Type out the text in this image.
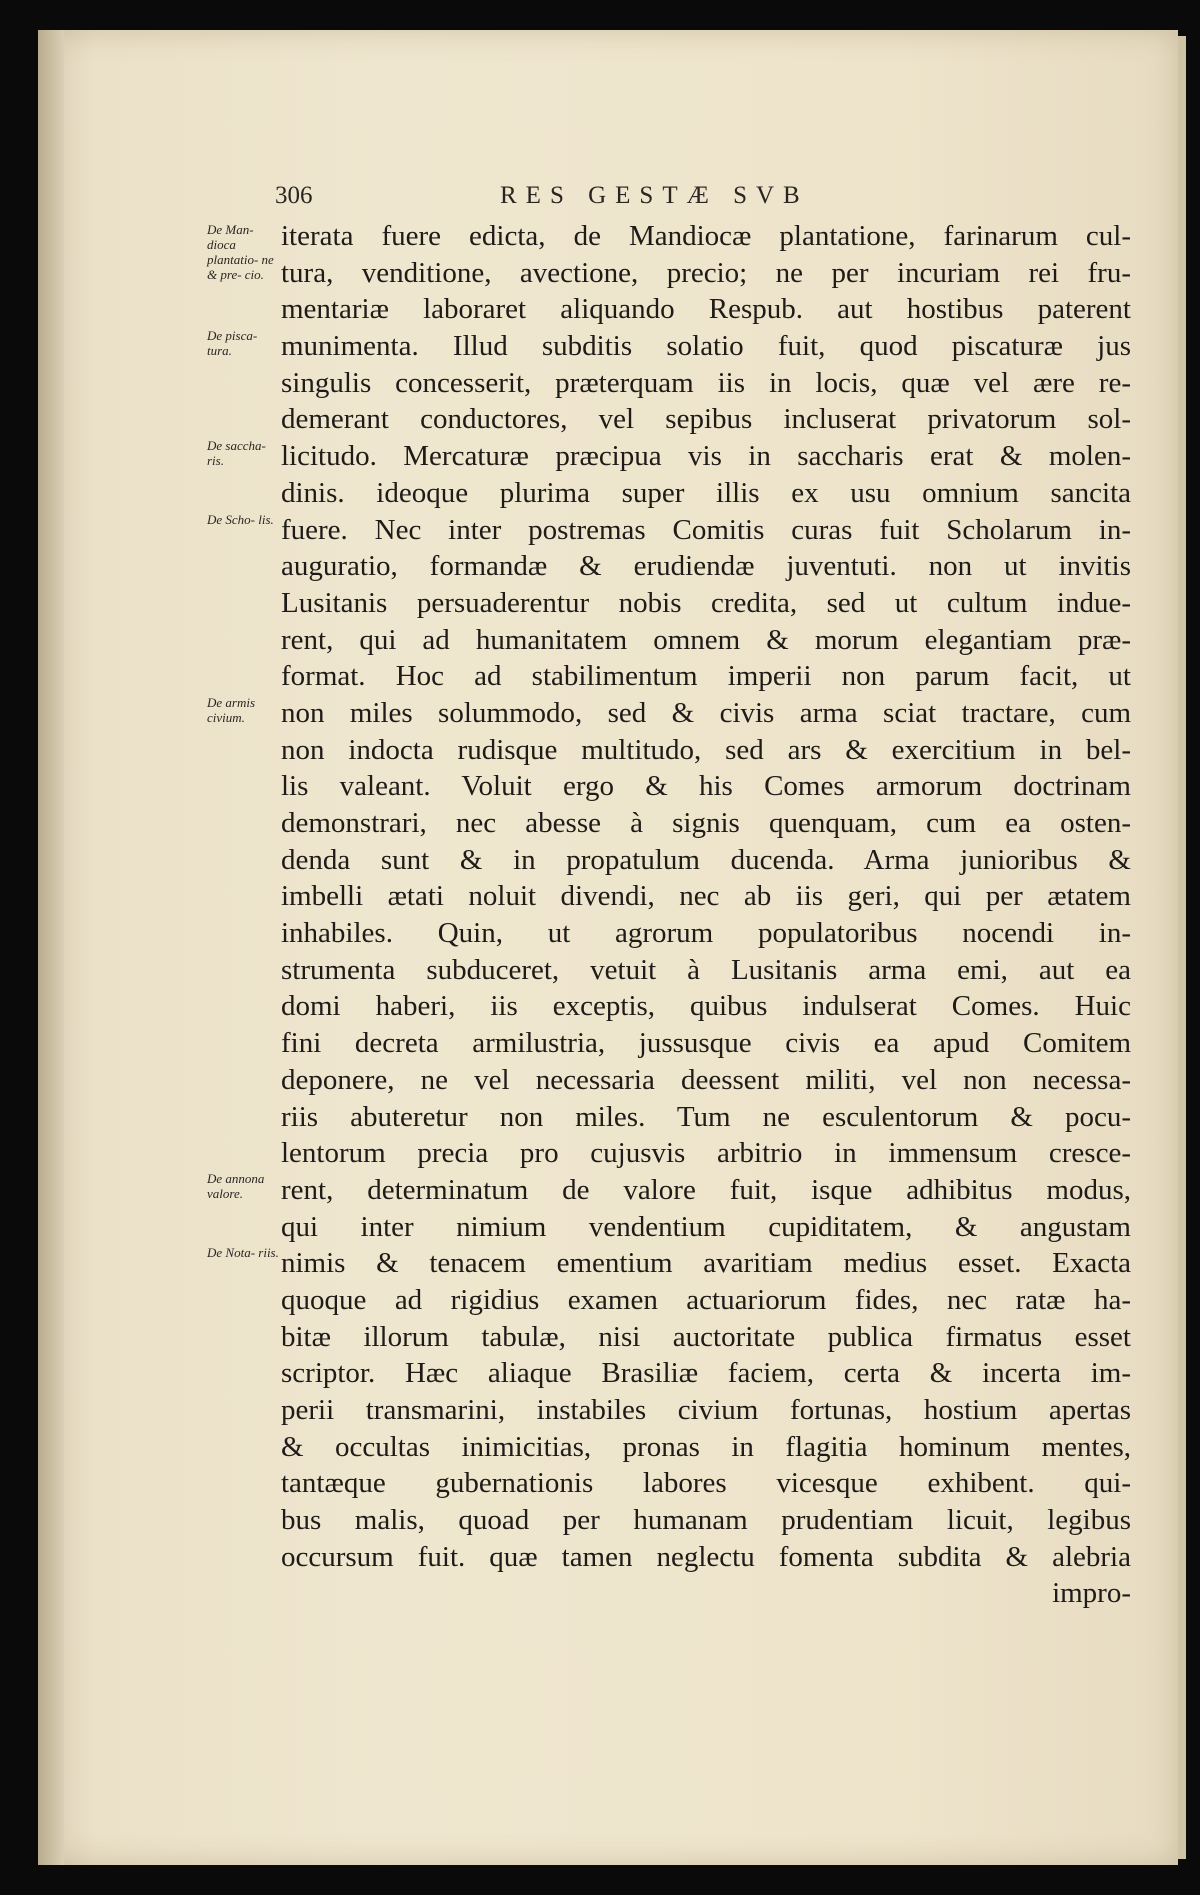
306	RES GESTÆ SVB
De Man- dioca plantatio- ne & pre- cio.
De pisca- tura.
De saccha- ris.
De Scho- lis.
De armis civium.
De annona valore.
De Nota- riis.
iterata fuere edicta, de Mandiocæ plantatione, farinarum cul-
tura, venditione, avectione, precio; ne per incuriam rei fru-
mentariæ laboraret aliquando Respub. aut hostibus paterent
munimenta. Illud subditis solatio fuit, quod piscaturæ jus
singulis concesserit, præterquam iis in locis, quæ vel ære re-
demerant conductores, vel sepibus incluserat privatorum sol-
licitudo. Mercaturæ præcipua vis in saccharis erat & molen-
dinis. ideoque plurima super illis ex usu omnium sancita
fuere. Nec inter postremas Comitis curas fuit Scholarum in-
auguratio, formandæ & erudiendæ juventuti. non ut invitis
Lusitanis persuaderentur nobis credita, sed ut cultum indue-
rent, qui ad humanitatem omnem & morum elegantiam præ-
format. Hoc ad stabilimentum imperii non parum facit, ut
non miles solummodo, sed & civis arma sciat tractare, cum
non indocta rudisque multitudo, sed ars & exercitium in bel-
lis valeant. Voluit ergo & his Comes armorum doctrinam
demonstrari, nec abesse à signis quenquam, cum ea osten-
denda sunt & in propatulum ducenda. Arma junioribus &
imbelli ætati noluit divendi, nec ab iis geri, qui per ætatem
inhabiles. Quin, ut agrorum populatoribus nocendi in-
strumenta subduceret, vetuit à Lusitanis arma emi, aut ea
domi haberi, iis exceptis, quibus indulserat Comes. Huic
fini decreta armilustria, jussusque civis ea apud Comitem
deponere, ne vel necessaria deessent militi, vel non necessa-
riis abuteretur non miles. Tum ne esculentorum & pocu-
lentorum precia pro cujusvis arbitrio in immensum cresce-
rent, determinatum de valore fuit, isque adhibitus modus,
qui inter nimium vendentium cupiditatem, & angustam
nimis & tenacem ementium avaritiam medius esset. Exacta
quoque ad rigidius examen actuariorum fides, nec ratæ ha-
bitæ illorum tabulæ, nisi auctoritate publica firmatus esset
scriptor. Hæc aliaque Brasiliæ faciem, certa & incerta im-
perii transmarini, instabiles civium fortunas, hostium apertas
& occultas inimicitias, pronas in flagitia hominum mentes,
tantæque gubernationis labores vicesque exhibent. qui-
bus malis, quoad per humanam prudentiam licuit, legibus
occursum fuit. quæ tamen neglectu fomenta subdita & alebria
impro-
